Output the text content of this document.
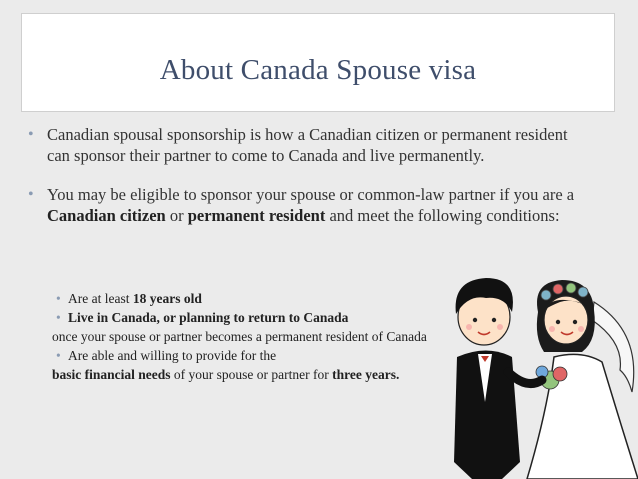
About Canada Spouse visa
• Canadian spousal sponsorship is how a Canadian citizen or permanent resident can sponsor their partner to come to Canada and live permanently.
• You may be eligible to sponsor your spouse or common-law partner if you are a Canadian citizen or permanent resident and meet the following conditions:
• Are at least 18 years old
• Live in Canada, or planning to return to Canada
once your spouse or partner becomes a permanent resident of Canada
• Are able and willing to provide for the
basic financial needs of your spouse or partner for three years.
